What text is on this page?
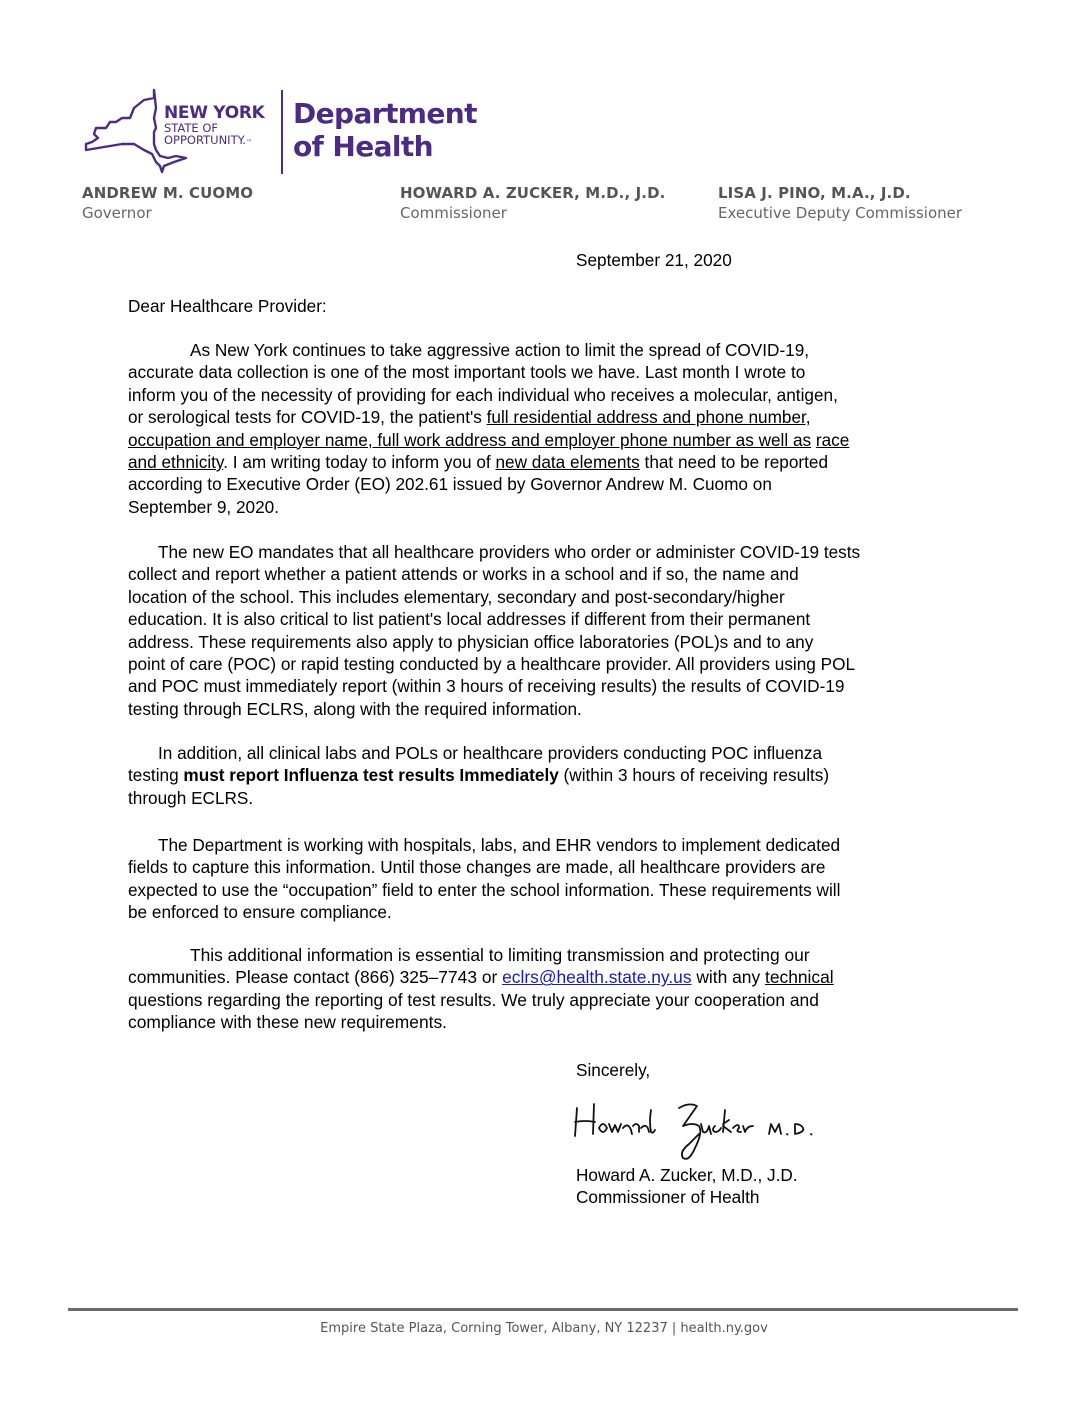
NEW YORK
STATE OF
OPPORTUNITY.™
Department
of Health
ANDREW M. CUOMO
Governor
HOWARD A. ZUCKER, M.D., J.D.
Commissioner
LISA J. PINO, M.A., J.D.
Executive Deputy Commissioner
September 21, 2020
Dear Healthcare Provider:
As New York continues to take aggressive action to limit the spread of COVID-19,
accurate data collection is one of the most important tools we have. Last month I wrote to
inform you of the necessity of providing for each individual who receives a molecular, antigen,
or serological tests for COVID-19, the patient's full residential address and phone number,
occupation and employer name, full work address and employer phone number as well as race
and ethnicity. I am writing today to inform you of new data elements that need to be reported
according to Executive Order (EO) 202.61 issued by Governor Andrew M. Cuomo on
September 9, 2020.
The new EO mandates that all healthcare providers who order or administer COVID-19 tests
collect and report whether a patient attends or works in a school and if so, the name and
location of the school. This includes elementary, secondary and post-secondary/higher
education. It is also critical to list patient's local addresses if different from their permanent
address. These requirements also apply to physician office laboratories (POL)s and to any
point of care (POC) or rapid testing conducted by a healthcare provider. All providers using POL
and POC must immediately report (within 3 hours of receiving results) the results of COVID-19
testing through ECLRS, along with the required information.
In addition, all clinical labs and POLs or healthcare providers conducting POC influenza
testing must report Influenza test results Immediately (within 3 hours of receiving results)
through ECLRS.
The Department is working with hospitals, labs, and EHR vendors to implement dedicated
fields to capture this information. Until those changes are made, all healthcare providers are
expected to use the “occupation” field to enter the school information. These requirements will
be enforced to ensure compliance.
This additional information is essential to limiting transmission and protecting our
communities. Please contact (866) 325–7743 or eclrs@health.state.ny.us with any technical
questions regarding the reporting of test results. We truly appreciate your cooperation and
compliance with these new requirements.
Sincerely,
Howard A. Zucker, M.D., J.D.
Commissioner of Health
Empire State Plaza, Corning Tower, Albany, NY 12237 | health.ny.gov
